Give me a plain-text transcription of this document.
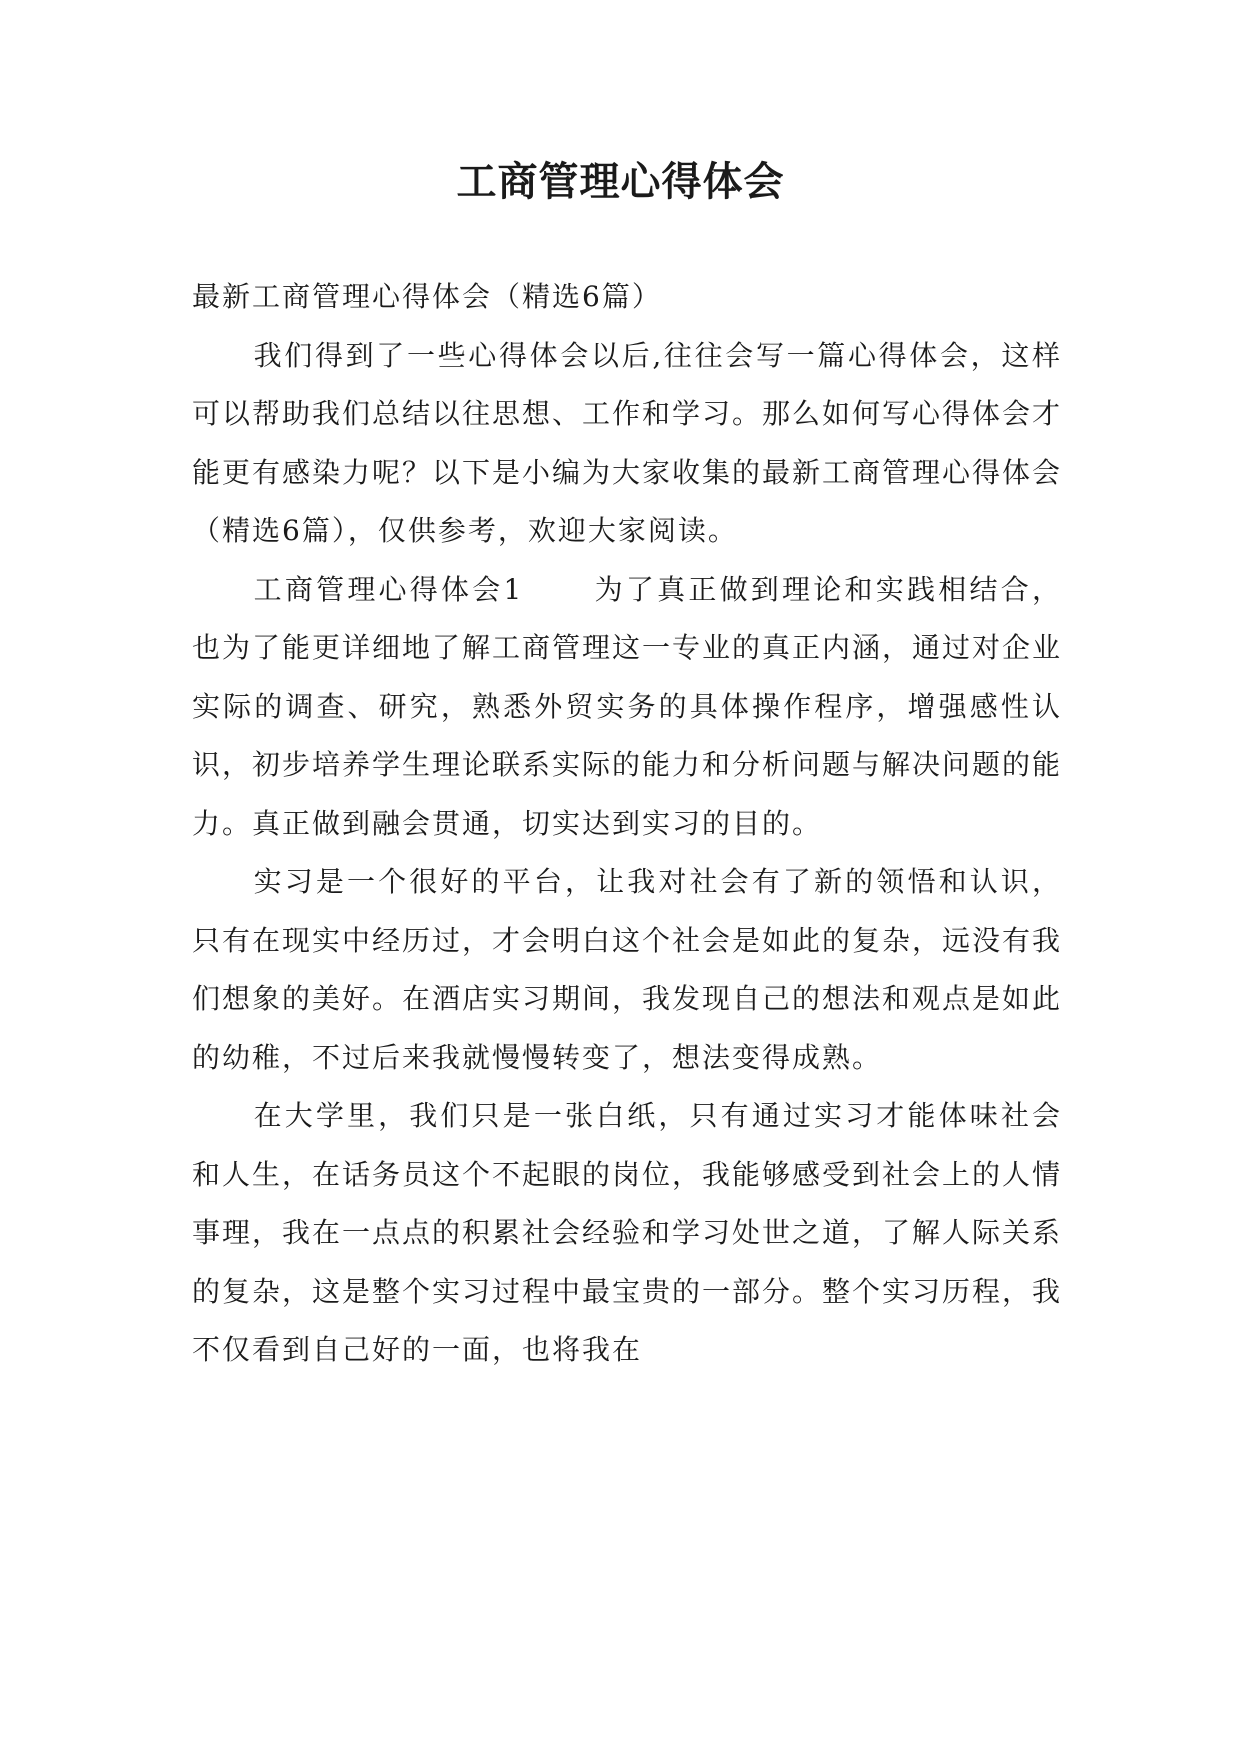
工商管理心得体会

最新工商管理心得体会（精选6篇）

我们得到了一些心得体会以后,往往会写一篇心得体会，这样可以帮助我们总结以往思想、工作和学习。那么如何写心得体会才能更有感染力呢？以下是小编为大家收集的最新工商管理心得体会（精选6篇），仅供参考，欢迎大家阅读。

工商管理心得体会1	为了真正做到理论和实践相结合，也为了能更详细地了解工商管理这一专业的真正内涵，通过对企业实际的调查、研究，熟悉外贸实务的具体操作程序，增强感性认识，初步培养学生理论联系实际的能力和分析问题与解决问题的能力。真正做到融会贯通，切实达到实习的目的。

实习是一个很好的平台，让我对社会有了新的领悟和认识，只有在现实中经历过，才会明白这个社会是如此的复杂，远没有我们想象的美好。在酒店实习期间，我发现自己的想法和观点是如此的幼稚，不过后来我就慢慢转变了，想法变得成熟。

在大学里，我们只是一张白纸，只有通过实习才能体味社会和人生，在话务员这个不起眼的岗位，我能够感受到社会上的人情事理，我在一点点的积累社会经验和学习处世之道，了解人际关系的复杂，这是整个实习过程中最宝贵的一部分。整个实习历程，我不仅看到自己好的一面，也将我在
